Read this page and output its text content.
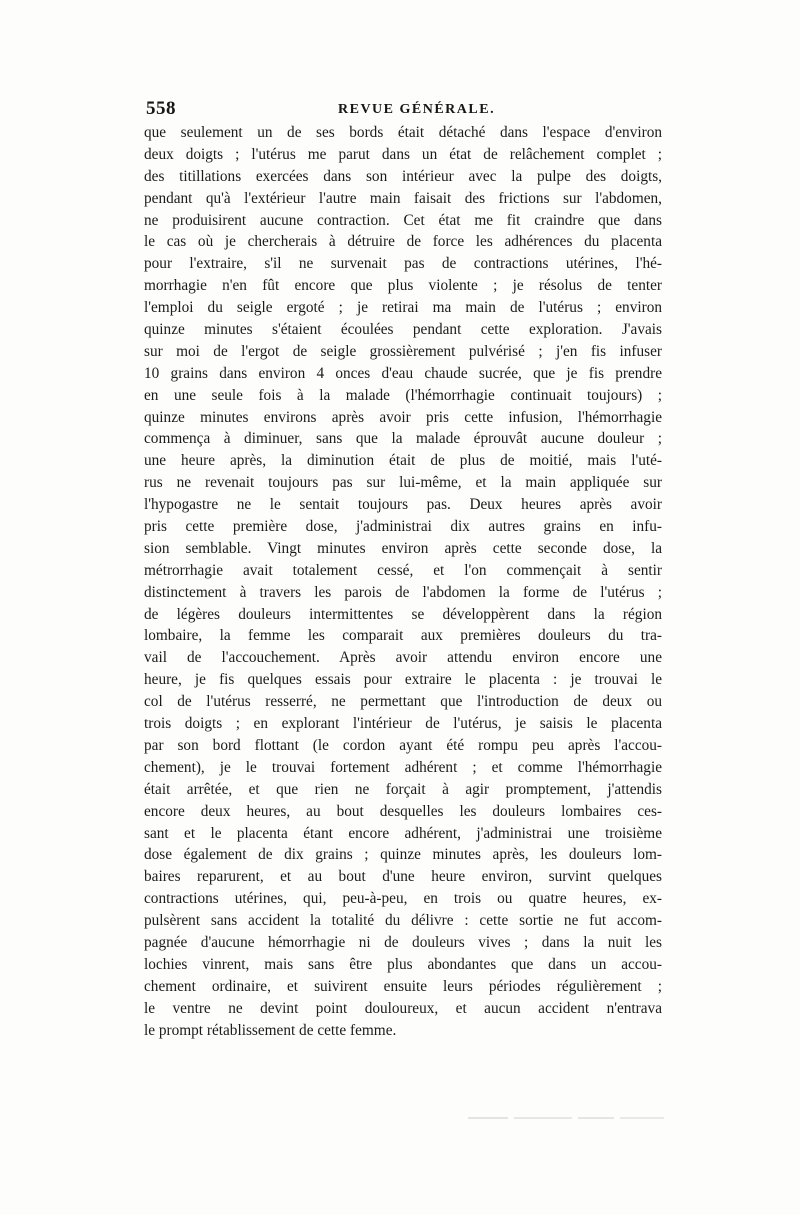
558	REVUE GÉNÉRALE.
que seulement un de ses bords était détaché dans l'espace d'environ
deux doigts ; l'utérus me parut dans un état de relâchement complet ;
des titillations exercées dans son intérieur avec la pulpe des doigts,
pendant qu'à l'extérieur l'autre main faisait des frictions sur l'abdomen,
ne produisirent aucune contraction. Cet état me fit craindre que dans
le cas où je chercherais à détruire de force les adhérences du placenta
pour l'extraire, s'il ne survenait pas de contractions utérines, l'hé-
morrhagie n'en fût encore que plus violente ; je résolus de tenter
l'emploi du seigle ergoté ; je retirai ma main de l'utérus ; environ
quinze minutes s'étaient écoulées pendant cette exploration. J'avais
sur moi de l'ergot de seigle grossièrement pulvérisé ; j'en fis infuser
10 grains dans environ 4 onces d'eau chaude sucrée, que je fis prendre
en une seule fois à la malade (l'hémorrhagie continuait toujours) ;
quinze minutes environs après avoir pris cette infusion, l'hémorrhagie
commença à diminuer, sans que la malade éprouvât aucune douleur ;
une heure après, la diminution était de plus de moitié, mais l'uté-
rus ne revenait toujours pas sur lui-même, et la main appliquée sur
l'hypogastre ne le sentait toujours pas. Deux heures après avoir
pris cette première dose, j'administrai dix autres grains en infu-
sion semblable. Vingt minutes environ après cette seconde dose, la
métrorrhagie avait totalement cessé, et l'on commençait à sentir
distinctement à travers les parois de l'abdomen la forme de l'utérus ;
de légères douleurs intermittentes se développèrent dans la région
lombaire, la femme les comparait aux premières douleurs du tra-
vail de l'accouchement. Après avoir attendu environ encore une
heure, je fis quelques essais pour extraire le placenta : je trouvai le
col de l'utérus resserré, ne permettant que l'introduction de deux ou
trois doigts ; en explorant l'intérieur de l'utérus, je saisis le placenta
par son bord flottant (le cordon ayant été rompu peu après l'accou-
chement), je le trouvai fortement adhérent ; et comme l'hémorrhagie
était arrêtée, et que rien ne forçait à agir promptement, j'attendis
encore deux heures, au bout desquelles les douleurs lombaires ces-
sant et le placenta étant encore adhérent, j'administrai une troisième
dose également de dix grains ; quinze minutes après, les douleurs lom-
baires reparurent, et au bout d'une heure environ, survint quelques
contractions utérines, qui, peu-à-peu, en trois ou quatre heures, ex-
pulsèrent sans accident la totalité du délivre : cette sortie ne fut accom-
pagnée d'aucune hémorrhagie ni de douleurs vives ; dans la nuit les
lochies vinrent, mais sans être plus abondantes que dans un accou-
chement ordinaire, et suivirent ensuite leurs périodes régulièrement ;
le ventre ne devint point douloureux, et aucun accident n'entrava
le prompt rétablissement de cette femme.
